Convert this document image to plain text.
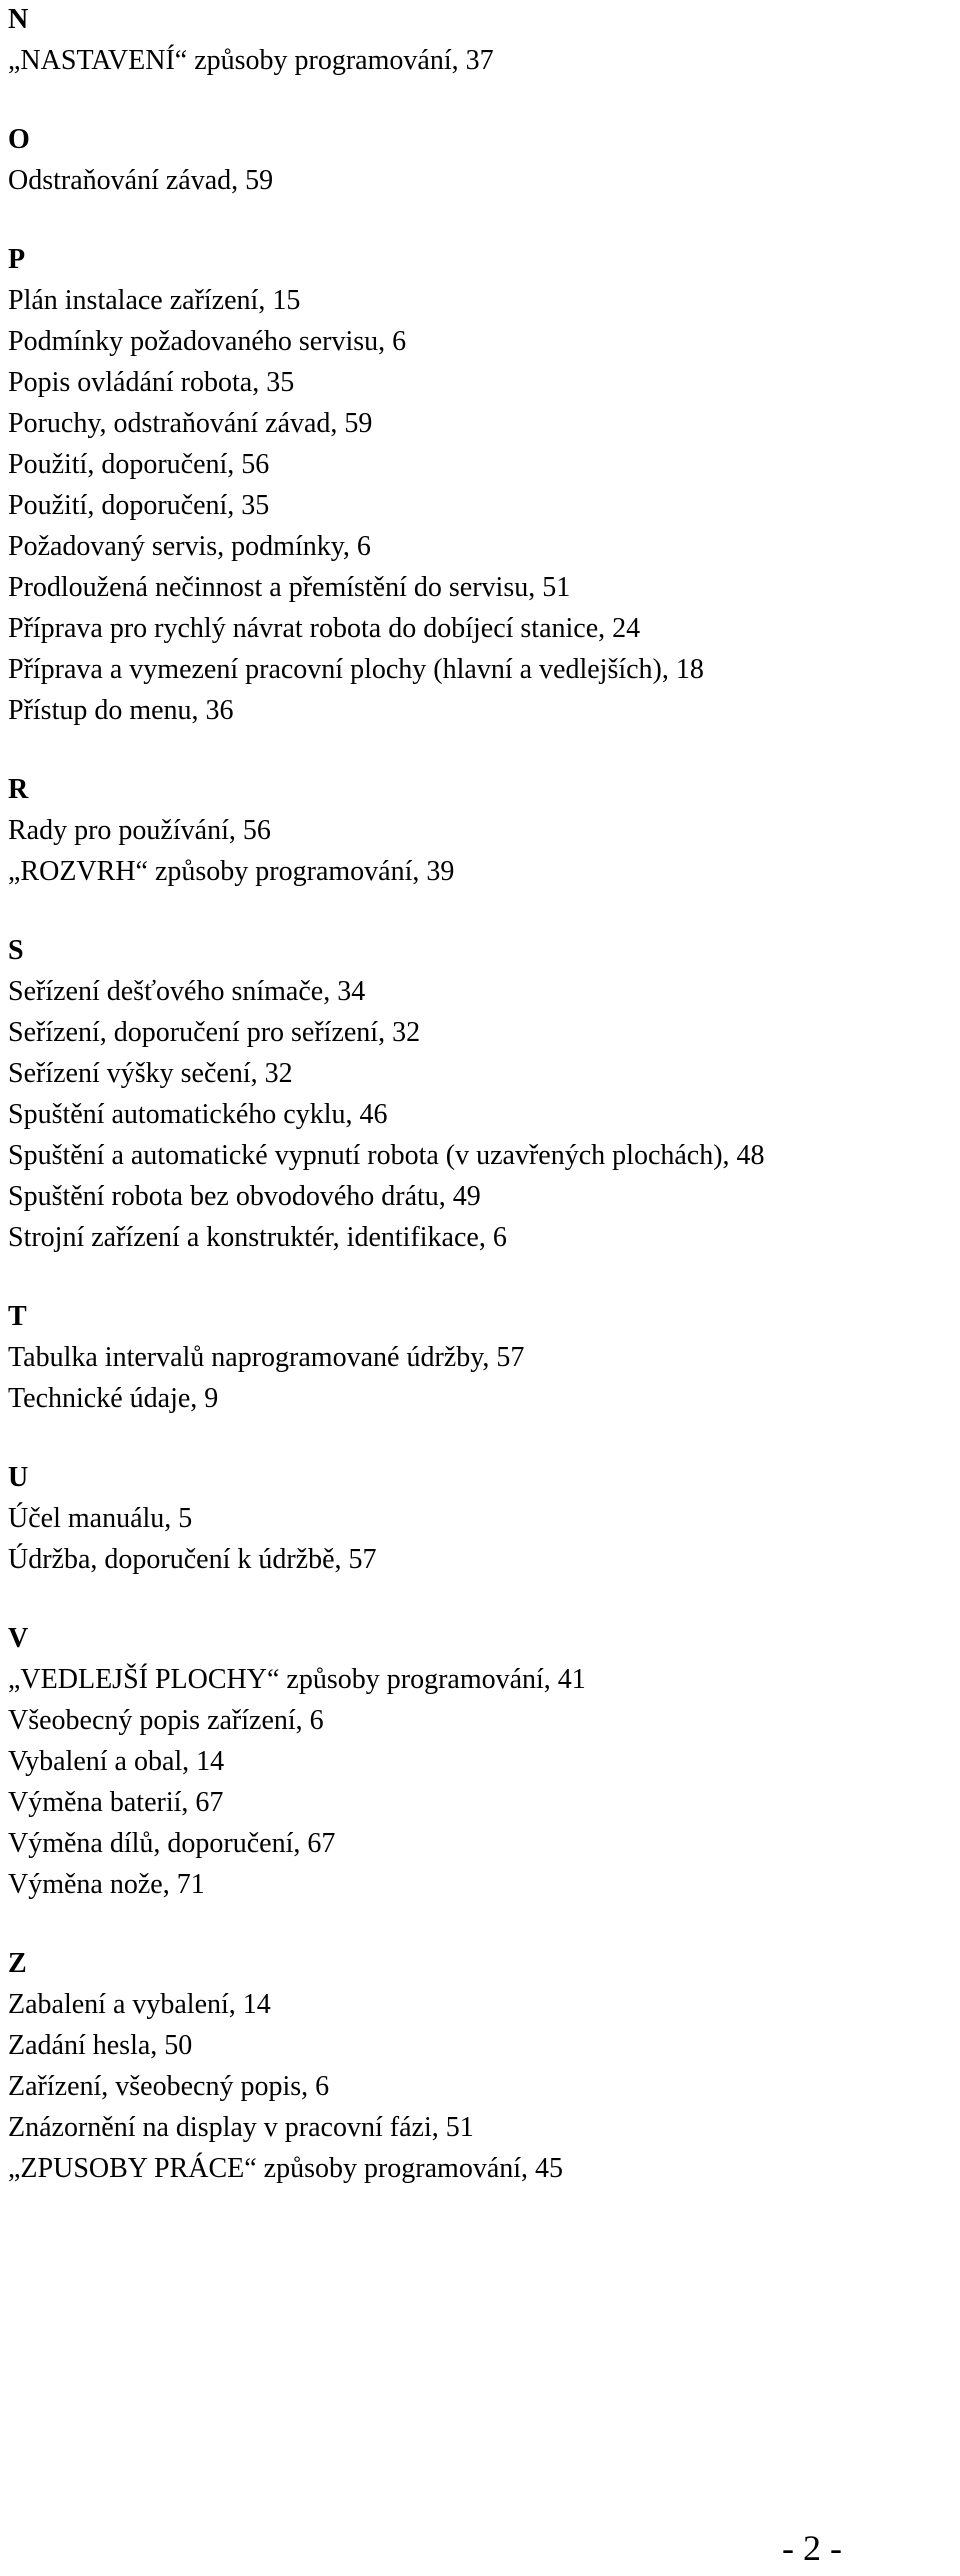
N
„NASTAVENÍ“ způsoby programování, 37
O
Odstraňování závad, 59
P
Plán instalace zařízení, 15
Podmínky požadovaného servisu, 6
Popis ovládání robota, 35
Poruchy, odstraňování závad, 59
Použití, doporučení, 56
Použití, doporučení, 35
Požadovaný servis, podmínky, 6
Prodloužená nečinnost a přemístění do servisu, 51
Příprava pro rychlý návrat robota do dobíjecí stanice, 24
Příprava a vymezení pracovní plochy (hlavní a vedlejších), 18
Přístup do menu, 36
R
Rady pro používání, 56
„ROZVRH“ způsoby programování, 39
S
Seřízení dešťového snímače, 34
Seřízení, doporučení pro seřízení, 32
Seřízení výšky sečení, 32
Spuštění automatického cyklu, 46
Spuštění a automatické vypnutí robota (v uzavřených plochách), 48
Spuštění robota bez obvodového drátu, 49
Strojní zařízení a konstruktér, identifikace, 6
T
Tabulka intervalů naprogramované údržby, 57
Technické údaje, 9
U
Účel manuálu, 5
Údržba, doporučení k údržbě, 57
V
„VEDLEJŠÍ PLOCHY“ způsoby programování, 41
Všeobecný popis zařízení, 6
Vybalení a obal, 14
Výměna baterií, 67
Výměna dílů, doporučení, 67
Výměna nože, 71
Z
Zabalení a vybalení, 14
Zadání hesla, 50
Zařízení, všeobecný popis, 6
Znázornění na display v pracovní fázi, 51
„ZPUSOBY PRÁCE“ způsoby programování, 45
- 2 -
